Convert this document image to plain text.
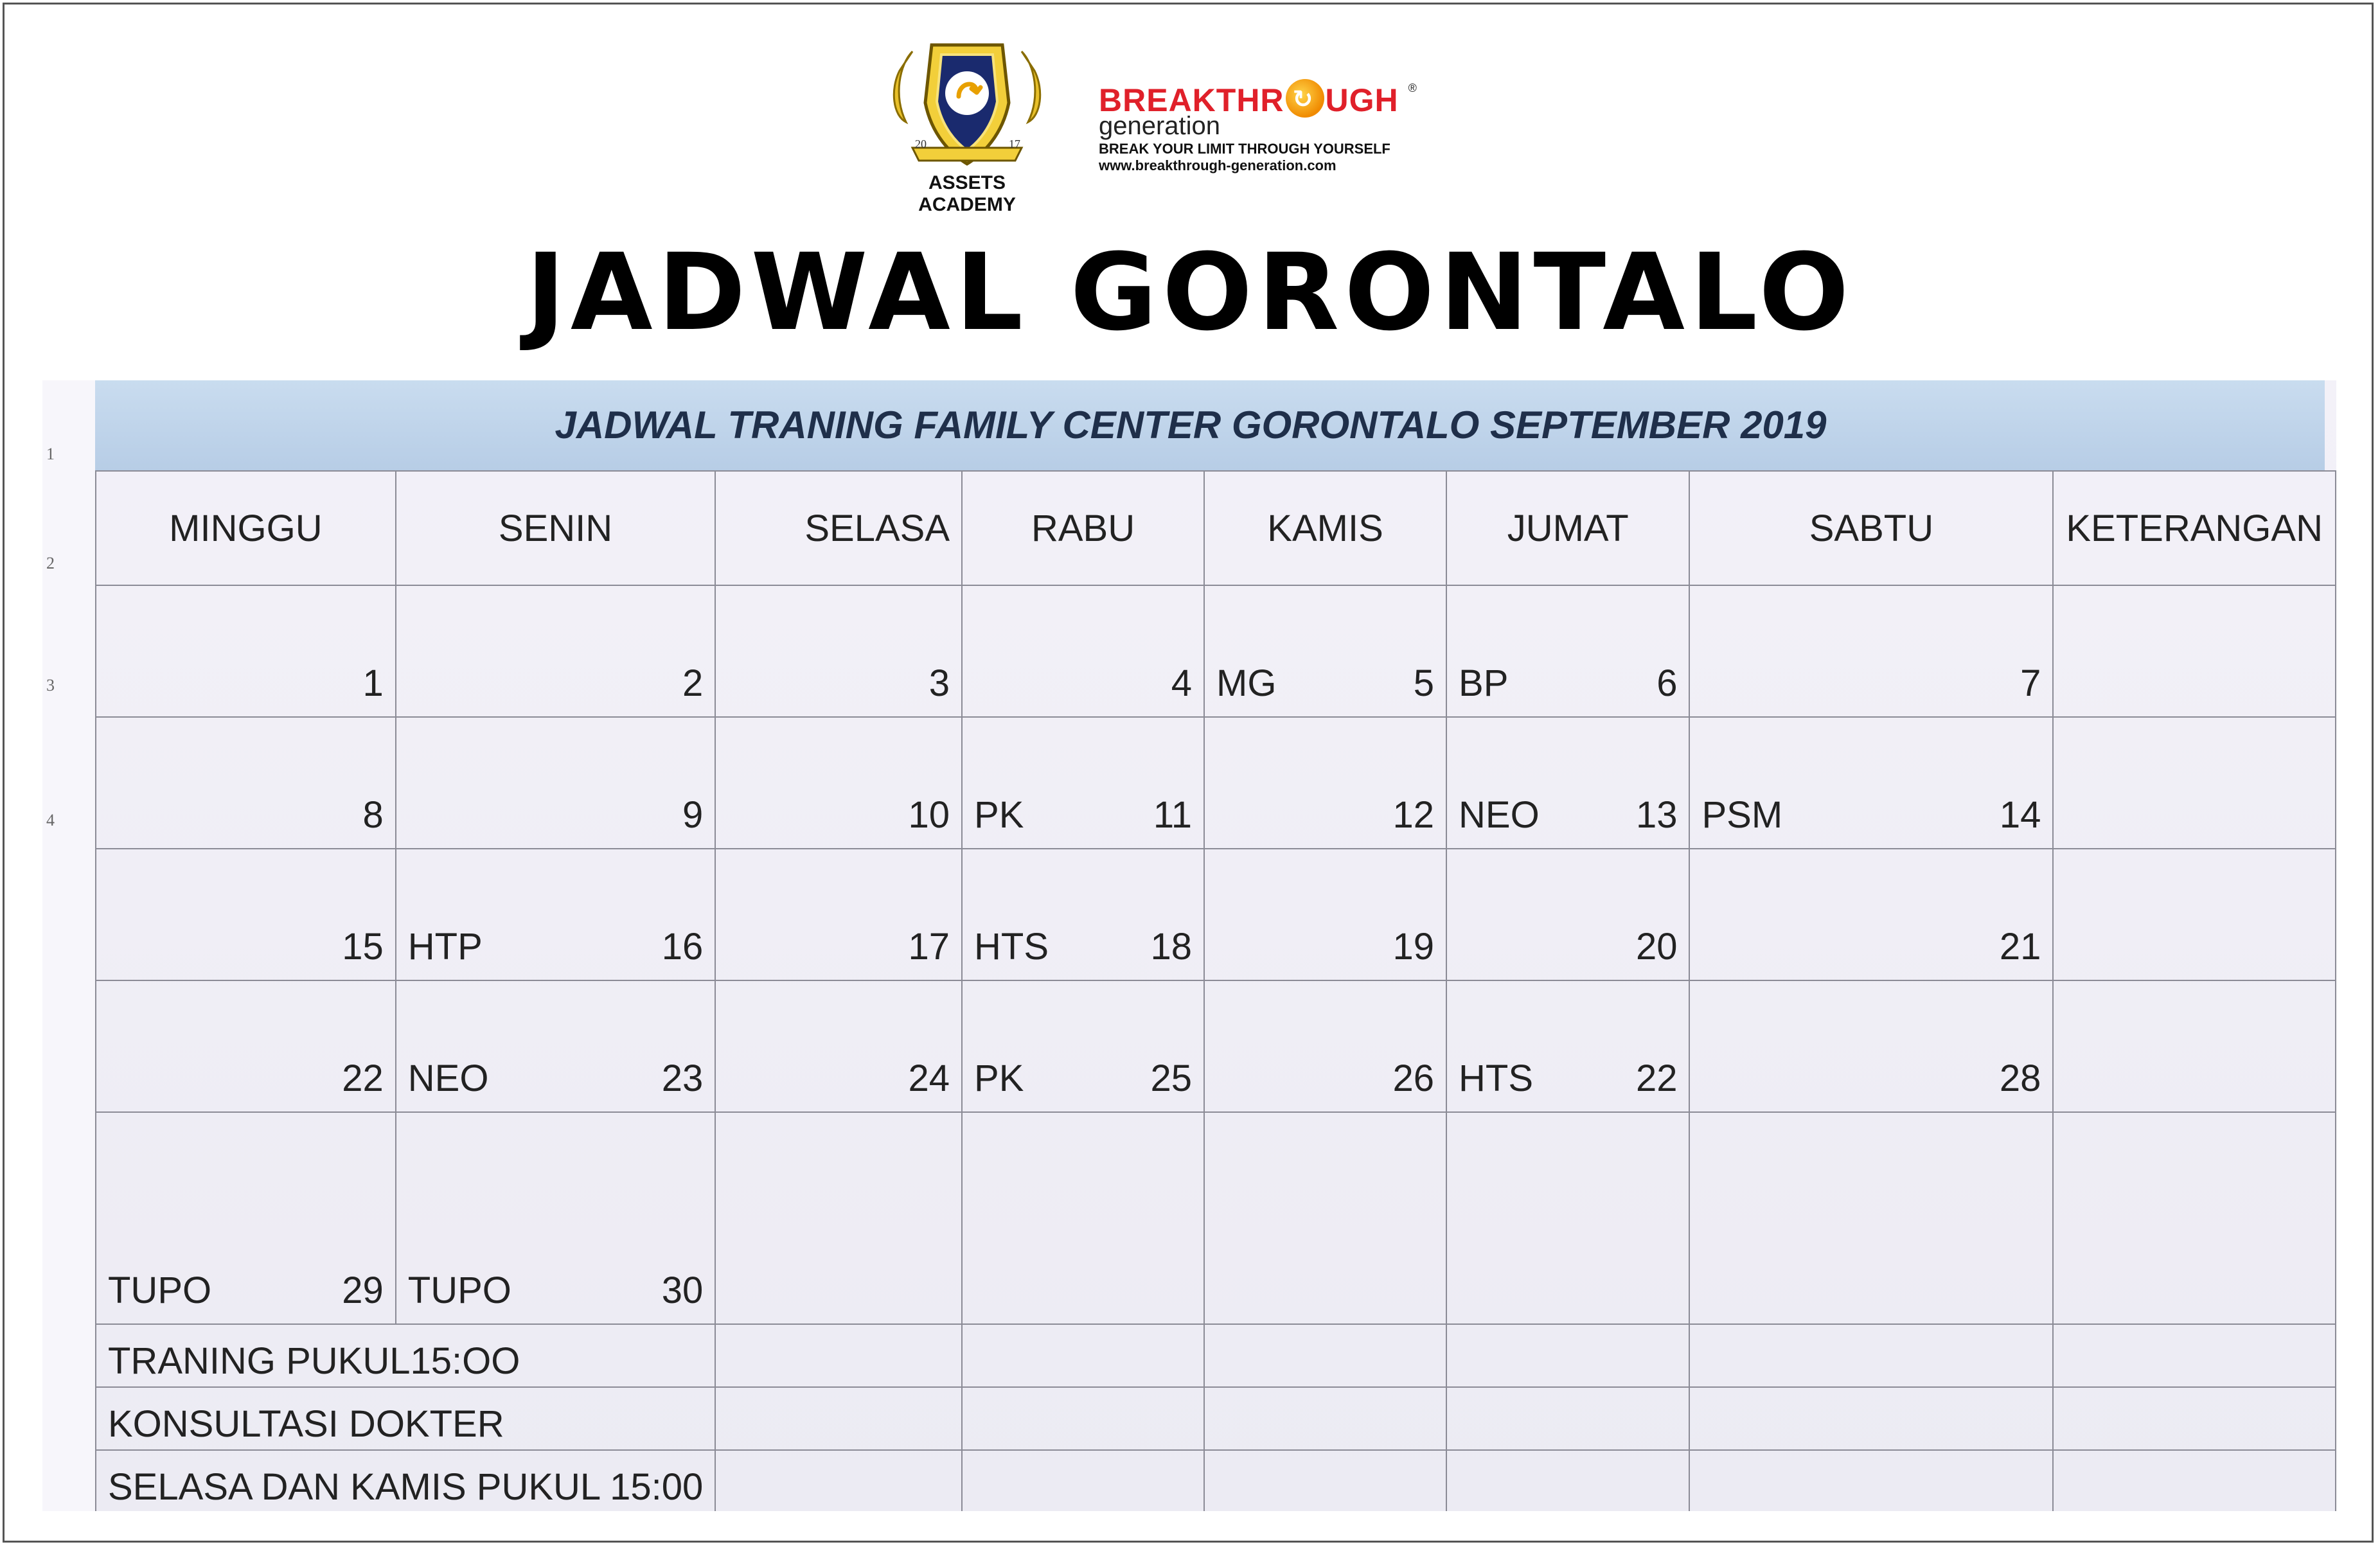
20	17
ASSETS ACADEMY
BREAKTHR ↻ UGH ®
generation
BREAK YOUR LIMIT THROUGH YOURSELF
www.breakthrough-generation.com
JADWAL GORONTALO
1
2
3
4
JADWAL TRANING FAMILY CENTER GORONTALO SEPTEMBER 2019
MINGGU	SENIN	SELASA	RABU	KAMIS	JUMAT	SABTU	KETERANGAN

1	2	3	4	MG 5	BP 6	7	

8	9	10	PK 11	12	NEO 13	PSM 14	

15	HTP 16	17	HTS 18	19	20	21	

22	NEO 23	24	PK 25	26	HTS 22	28	

TUPO 29	TUPO 30						

TRANING PUKUL15:OO							
KONSULTASI DOKTER							
SELASA DAN KAMIS PUKUL 15:00							
